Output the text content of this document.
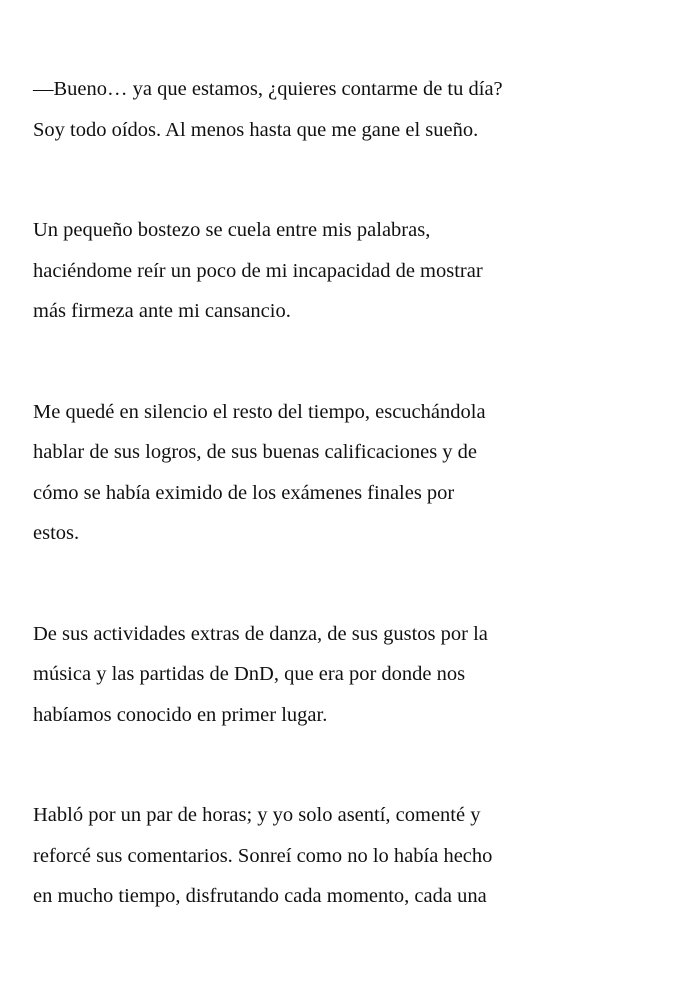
—Bueno… ya que estamos, ¿quieres contarme de tu día?
Soy todo oídos. Al menos hasta que me gane el sueño.

Un pequeño bostezo se cuela entre mis palabras,
haciéndome reír un poco de mi incapacidad de mostrar
más firmeza ante mi cansancio.

Me quedé en silencio el resto del tiempo, escuchándola
hablar de sus logros, de sus buenas calificaciones y de
cómo se había eximido de los exámenes finales por
estos.

De sus actividades extras de danza, de sus gustos por la
música y las partidas de DnD, que era por donde nos
habíamos conocido en primer lugar.

Habló por un par de horas; y yo solo asentí, comenté y
reforcé sus comentarios. Sonreí como no lo había hecho
en mucho tiempo, disfrutando cada momento, cada una
